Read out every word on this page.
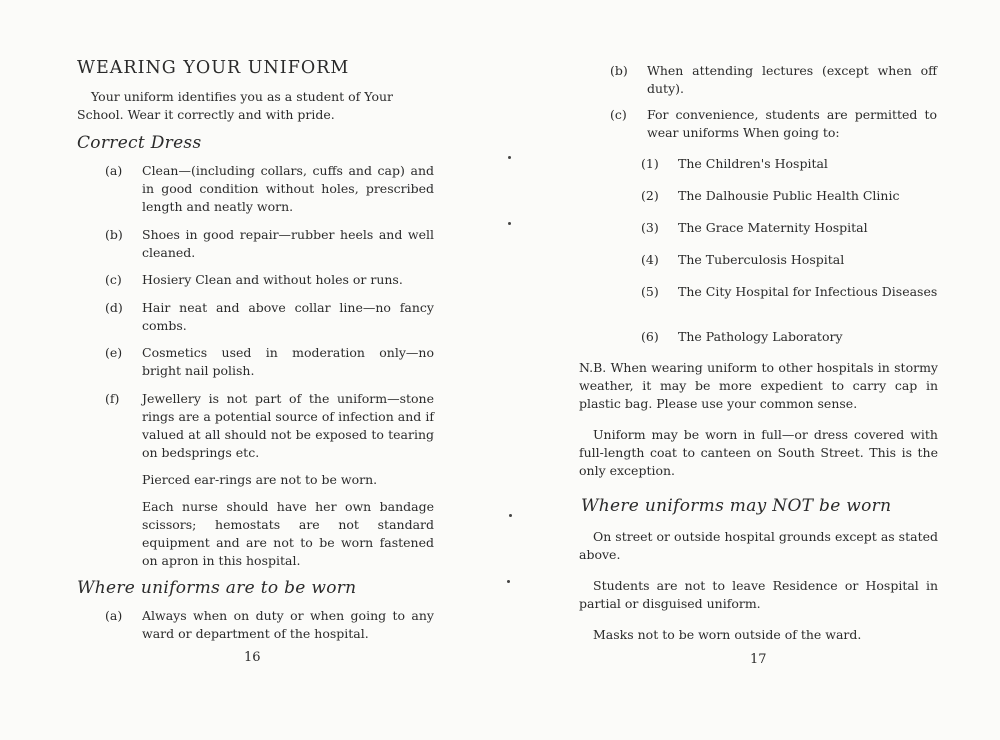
WEARING YOUR UNIFORM

Your uniform identifies you as a student of Your School. Wear it correctly and with pride.

Correct Dress
(a) Clean—(including collars, cuffs and cap) and in good condition without holes, prescribed length and neatly worn.
(b) Shoes in good repair—rubber heels and well cleaned.
(c) Hosiery Clean and without holes or runs.
(d) Hair neat and above collar line—no fancy combs.
(e) Cosmetics used in moderation only—no bright nail polish.
(f) Jewellery is not part of the uniform—stone rings are a potential source of infection and if valued at all should not be exposed to tearing on bedsprings etc.

Pierced ear-rings are not to be worn.

Each nurse should have her own bandage scissors; hemostats are not standard equipment and are not to be worn fastened on apron in this hospital.

Where uniforms are to be worn
(a) Always when on duty or when going to any ward or department of the hospital.

16

(b) When attending lectures (except when off duty).
(c) For convenience, students are permitted to wear uniforms When going to:
(1) The Children's Hospital
(2) The Dalhousie Public Health Clinic
(3) The Grace Maternity Hospital
(4) The Tuberculosis Hospital
(5) The City Hospital for Infectious Diseases
(6) The Pathology Laboratory

N.B. When wearing uniform to other hospitals in stormy weather, it may be more expedient to carry cap in plastic bag. Please use your common sense.

Uniform may be worn in full—or dress covered with full-length coat to canteen on South Street. This is the only exception.

Where uniforms may NOT be worn

On street or outside hospital grounds except as stated above.

Students are not to leave Residence or Hospital in partial or disguised uniform.

Masks not to be worn outside of the ward.

17
